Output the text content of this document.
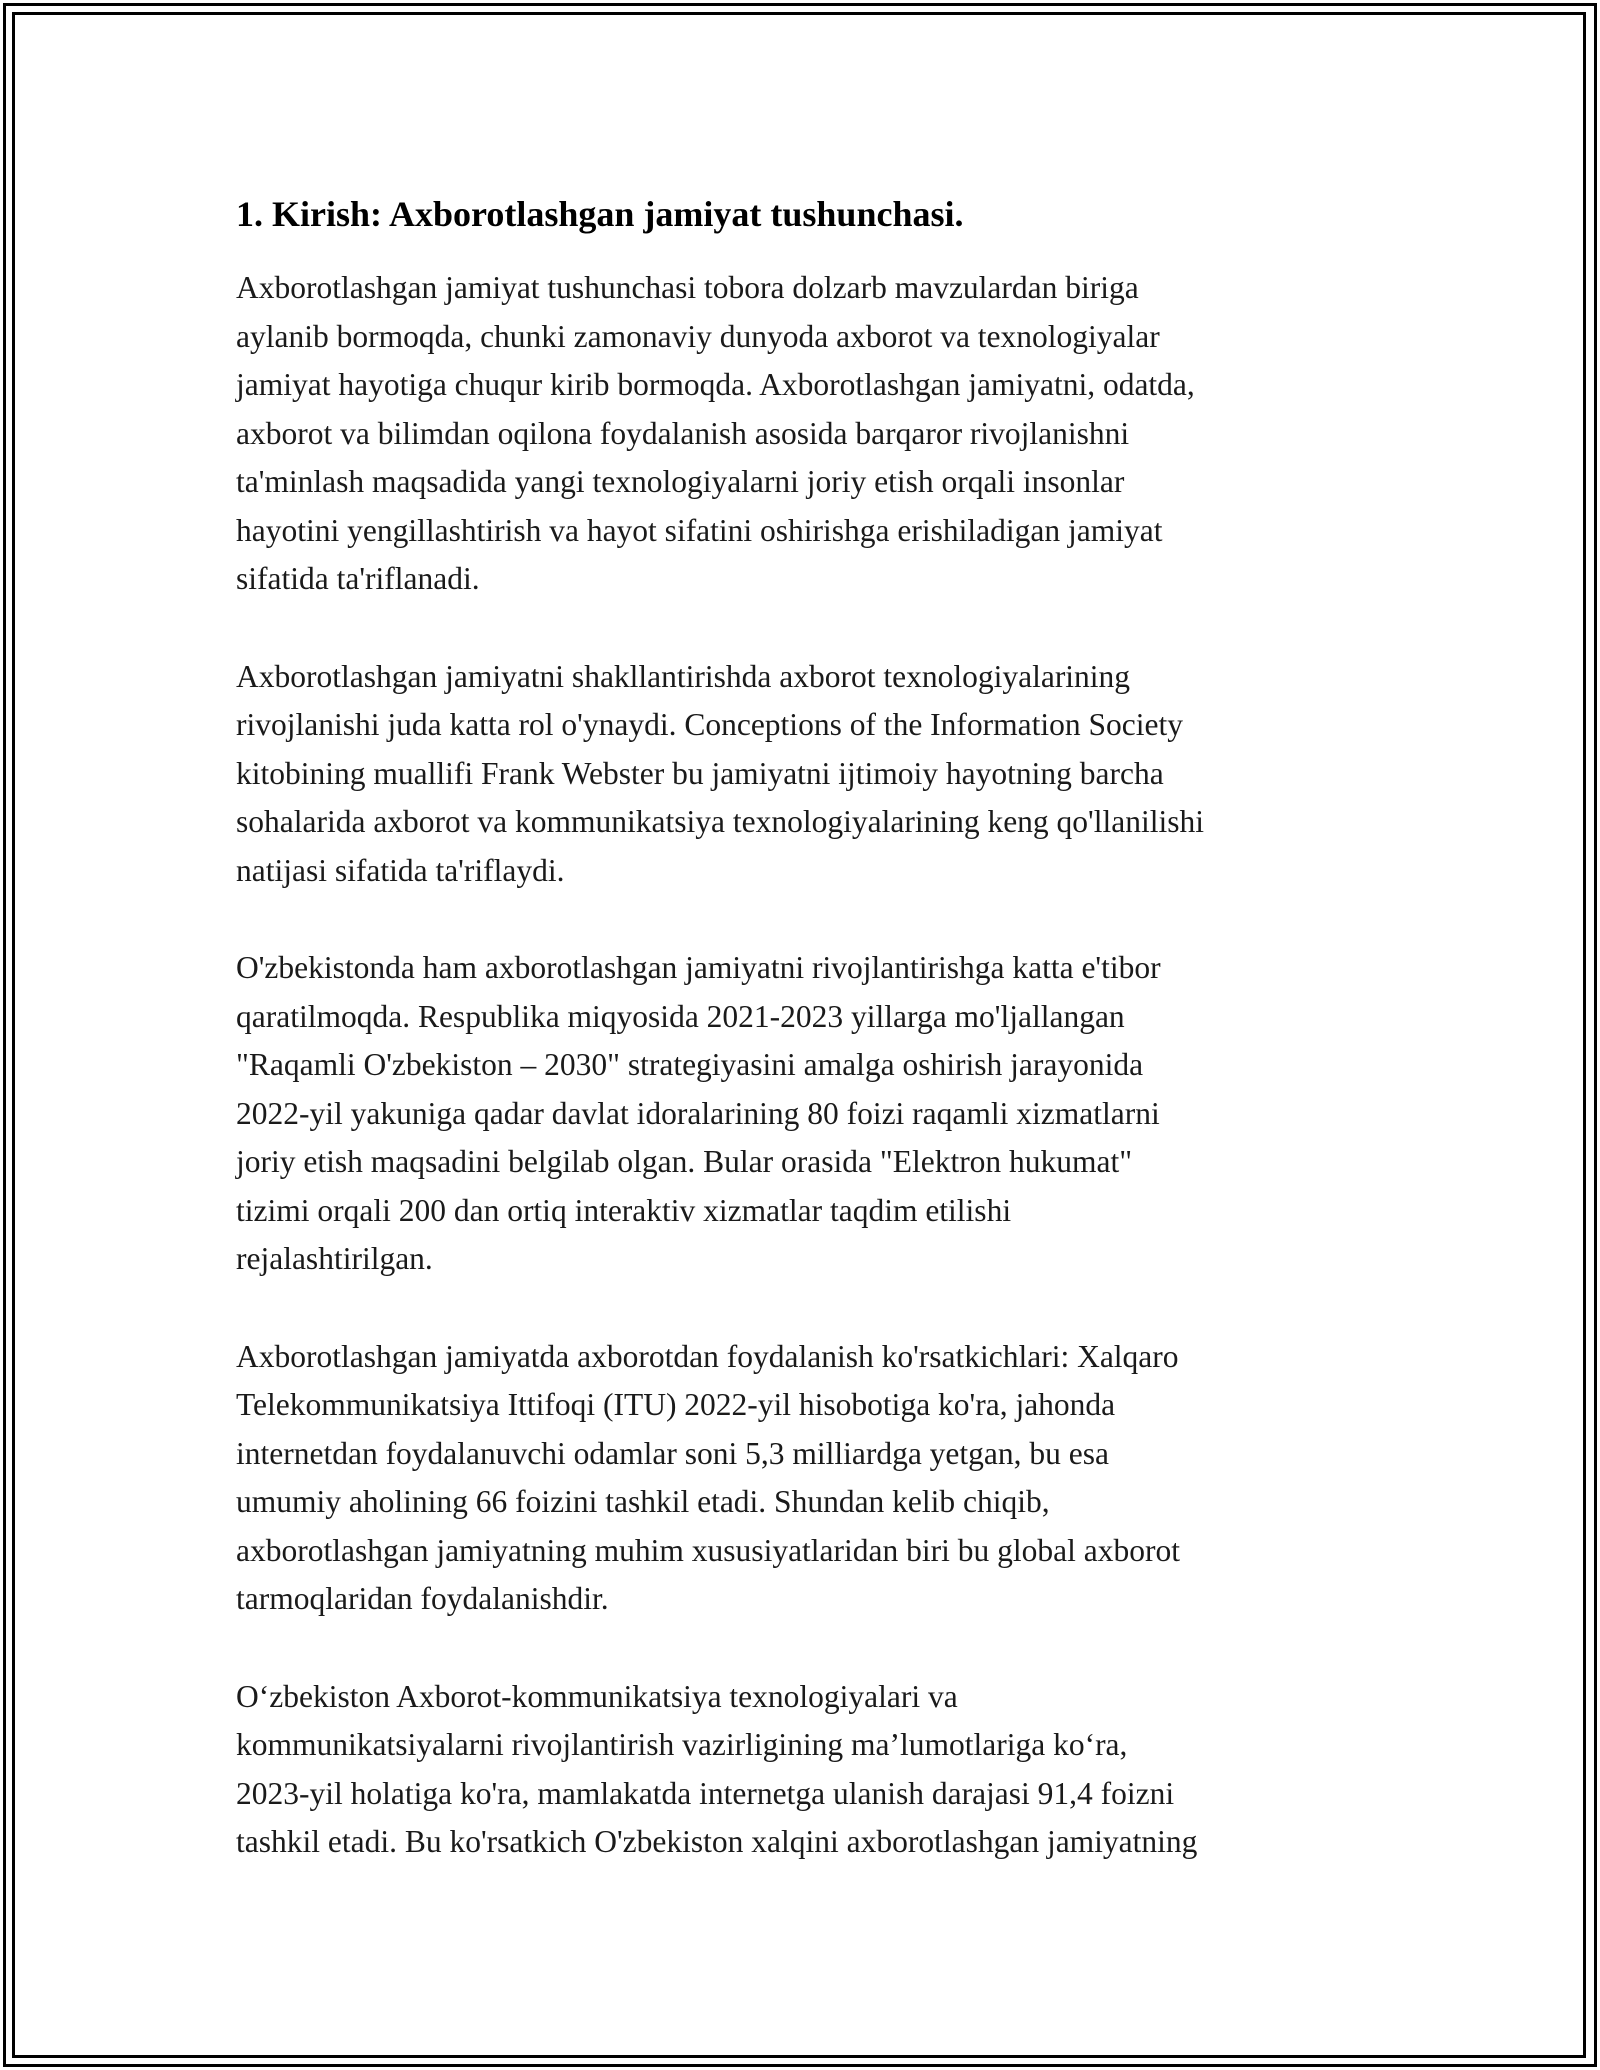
1. Kirish: Axborotlashgan jamiyat tushunchasi.
Axborotlashgan jamiyat tushunchasi tobora dolzarb mavzulardan biriga
aylanib bormoqda, chunki zamonaviy dunyoda axborot va texnologiyalar
jamiyat hayotiga chuqur kirib bormoqda. Axborotlashgan jamiyatni, odatda,
axborot va bilimdan oqilona foydalanish asosida barqaror rivojlanishni
ta'minlash maqsadida yangi texnologiyalarni joriy etish orqali insonlar
hayotini yengillashtirish va hayot sifatini oshirishga erishiladigan jamiyat
sifatida ta'riflanadi.
Axborotlashgan jamiyatni shakllantirishda axborot texnologiyalarining
rivojlanishi juda katta rol o'ynaydi. Conceptions of the Information Society
kitobining muallifi Frank Webster bu jamiyatni ijtimoiy hayotning barcha
sohalarida axborot va kommunikatsiya texnologiyalarining keng qo'llanilishi
natijasi sifatida ta'riflaydi.
O'zbekistonda ham axborotlashgan jamiyatni rivojlantirishga katta e'tibor
qaratilmoqda. Respublika miqyosida 2021-2023 yillarga mo'ljallangan
"Raqamli O'zbekiston – 2030" strategiyasini amalga oshirish jarayonida
2022-yil yakuniga qadar davlat idoralarining 80 foizi raqamli xizmatlarni
joriy etish maqsadini belgilab olgan. Bular orasida "Elektron hukumat"
tizimi orqali 200 dan ortiq interaktiv xizmatlar taqdim etilishi
rejalashtirilgan.
Axborotlashgan jamiyatda axborotdan foydalanish ko'rsatkichlari: Xalqaro
Telekommunikatsiya Ittifoqi (ITU) 2022-yil hisobotiga ko'ra, jahonda
internetdan foydalanuvchi odamlar soni 5,3 milliardga yetgan, bu esa
umumiy aholining 66 foizini tashkil etadi. Shundan kelib chiqib,
axborotlashgan jamiyatning muhim xususiyatlaridan biri bu global axborot
tarmoqlaridan foydalanishdir.
O‘zbekiston Axborot-kommunikatsiya texnologiyalari va
kommunikatsiyalarni rivojlantirish vazirligining ma’lumotlariga ko‘ra,
2023-yil holatiga ko'ra, mamlakatda internetga ulanish darajasi 91,4 foizni
tashkil etadi. Bu ko'rsatkich O'zbekiston xalqini axborotlashgan jamiyatning
